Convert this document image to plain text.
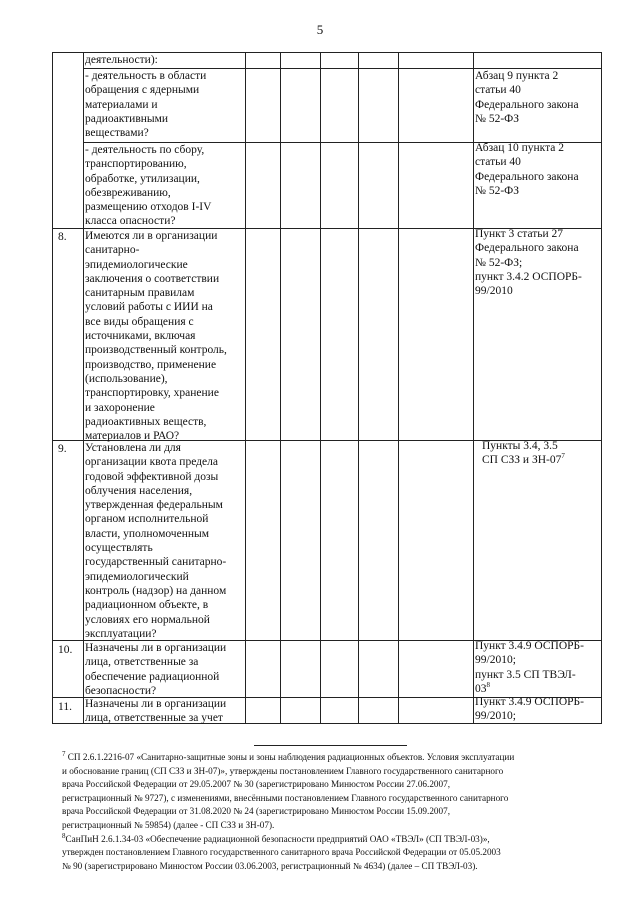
5
деятельности):
- деятельность в области
обращения с ядерными
материалами и
радиоактивными
веществами?
Абзац 9 пункта 2
статьи 40
Федерального закона
№ 52-ФЗ
- деятельность по сбору,
транспортированию,
обработке, утилизации,
обезвреживанию,
размещению отходов I-IV
класса опасности?
Абзац 10 пункта 2
статьи 40
Федерального закона
№ 52-ФЗ
8. Имеются ли в организации
санитарно-
эпидемиологические
заключения о соответствии
санитарным правилам
условий работы с ИИИ на
все виды обращения с
источниками, включая
производственный контроль,
производство, применение
(использование),
транспортировку, хранение
и захоронение
радиоактивных веществ,
материалов и РАО?
Пункт 3 статьи 27
Федерального закона
№ 52-ФЗ;
пункт 3.4.2 ОСПОРБ-
99/2010
9. Установлена ли для
организации квота предела
годовой эффективной дозы
облучения населения,
утвержденная федеральным
органом исполнительной
власти, уполномоченным
осуществлять
государственный санитарно-
эпидемиологический
контроль (надзор) на данном
радиационном объекте, в
условиях его нормальной
эксплуатации?
Пункты 3.4, 3.5
СП СЗЗ и $ЗН-07^7$
10. Назначены ли в организации
лица, ответственные за
обеспечение радиационной
безопасности?
Пункт 3.4.9 ОСПОРБ-
99/2010;
пункт 3.5 СП ТВЭЛ-
$03^8$
11. Назначены ли в организации
лица, ответственные за учет
Пункт 3.4.9 ОСПОРБ-
99/2010;
$^7$ СП 2.6.1.2216-07 «Санитарно-защитные зоны и зоны наблюдения радиационных объектов. Условия эксплуатации
и обоснование границ (СП СЗЗ и ЗН-07)», утверждены постановлением Главного государственного санитарного
врача Российской Федерации от 29.05.2007 № 30 (зарегистрировано Минюстом России 27.06.2007,
регистрационный № 9727), с изменениями, внесёнными постановлением Главного государственного санитарного
врача Российской Федерации от 31.08.2020 № 24 (зарегистрировано Минюстом России 15.09.2007,
регистрационный № 59854) (далее - СП СЗЗ и ЗН-07).
$^8$СанПиН 2.6.1.34-03 «Обеспечение радиационной безопасности предприятий ОАО «ТВЭЛ» (СП ТВЭЛ-03)»,
утвержден постановлением Главного государственного санитарного врача Российской Федерации от 05.05.2003
№ 90 (зарегистрировано Минюстом России 03.06.2003, регистрационный № 4634) (далее – СП ТВЭЛ-03).
